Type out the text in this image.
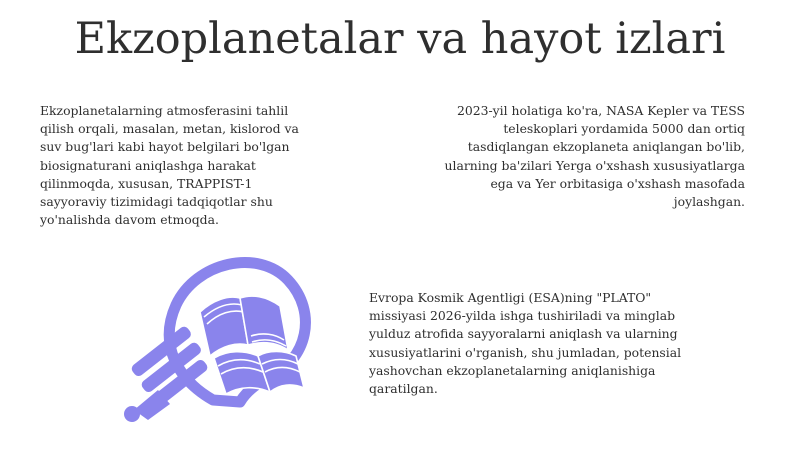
Ekzoplanetalar va hayot izlari
Ekzoplanetalarning atmosferasini tahlil
qilish orqali, masalan, metan, kislorod va
suv bug'lari kabi hayot belgilari bo'lgan
biosignaturani aniqlashga harakat
qilinmoqda, xususan, TRAPPIST-1
sayyoraviy tizimidagi tadqiqotlar shu
yo'nalishda davom etmoqda.
2023-yil holatiga ko'ra, NASA Kepler va TESS
teleskoplari yordamida 5000 dan ortiq
tasdiqlangan ekzoplaneta aniqlangan bo'lib,
ularning ba'zilari Yerga o'xshash xususiyatlarga
ega va Yer orbitasiga o'xshash masofada
joylashgan.
Evropa Kosmik Agentligi (ESA)ning "PLATO"
missiyasi 2026-yilda ishga tushiriladi va minglab
yulduz atrofida sayyoralarni aniqlash va ularning
xususiyatlarini o'rganish, shu jumladan, potensial
yashovchan ekzoplanetalarning aniqlanishiga
qaratilgan.
